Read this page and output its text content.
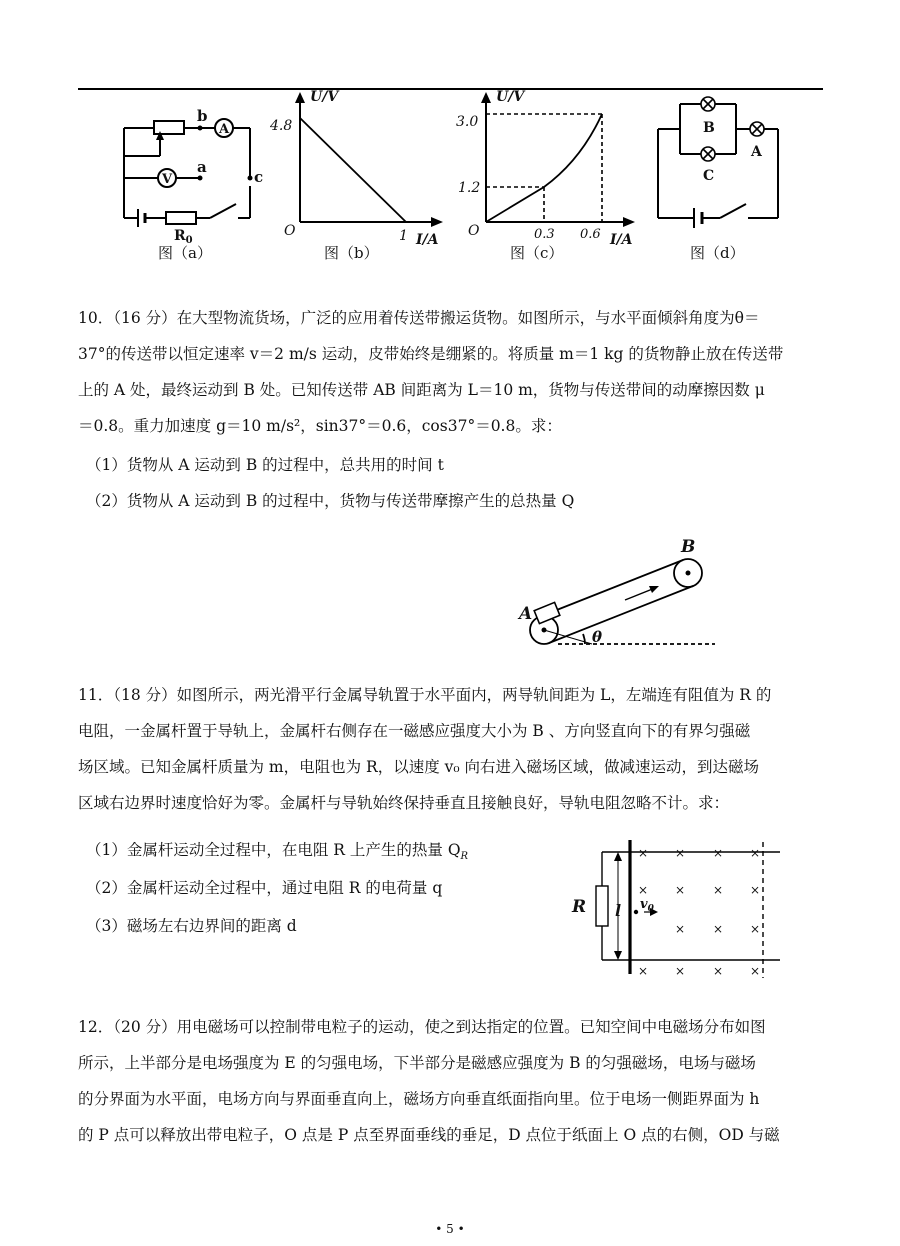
b
a
c
A
V
$R_0$
图（a）
U/V
I/A
O
4.8
1
图（b）
U/V
I/A
O
3.0
1.2
0.3 0.6
图（c）
B
C
A
图（d）

10．（16 分）在大型物流货场，广泛的应用着传送带搬运货物。如图所示，与水平面倾斜角度为θ＝

37°的传送带以恒定速率 v＝2 m/s 运动，皮带始终是绷紧的。将质量 m＝1 kg 的货物静止放在传送带

上的 A 处，最终运动到 B 处。已知传送带 AB 间距离为 L＝10 m，货物与传送带间的动摩擦因数 μ

＝0.8。重力加速度 g＝10 m/s²，sin37°＝0.6，cos37°＝0.8。求：

（1）货物从 A 运动到 B 的过程中，总共用的时间 t
（2）货物从 A 运动到 B 的过程中，货物与传送带摩擦产生的总热量 Q
A
B
θ

11．（18 分）如图所示，两光滑平行金属导轨置于水平面内，两导轨间距为 L，左端连有阻值为 R 的

电阻，一金属杆置于导轨上，金属杆右侧存在一磁感应强度大小为 B 、方向竖直向下的有界匀强磁

场区域。已知金属杆质量为 m，电阻也为 R，以速度 v₀ 向右进入磁场区域，做减速运动，到达磁场

区域右边界时速度恰好为零。金属杆与导轨始终保持垂直且接触良好，导轨电阻忽略不计。求：

（1）金属杆运动全过程中，在电阻 R 上产生的热量 $Q_R$
（2）金属杆运动全过程中，通过电阻 R 的电荷量 q
（3）磁场左右边界间的距离 d
R l $v_0$
× × × ×
× × × ×
× × ×
× × × ×

12．（20 分）用电磁场可以控制带电粒子的运动，使之到达指定的位置。已知空间中电磁场分布如图

所示，上半部分是电场强度为 E 的匀强电场，下半部分是磁感应强度为 B 的匀强磁场，电场与磁场

的分界面为水平面，电场方向与界面垂直向上，磁场方向垂直纸面指向里。位于电场一侧距界面为 h

的 P 点可以释放出带电粒子，O 点是 P 点至界面垂线的垂足，D 点位于纸面上 O 点的右侧，OD 与磁

• 5 •
